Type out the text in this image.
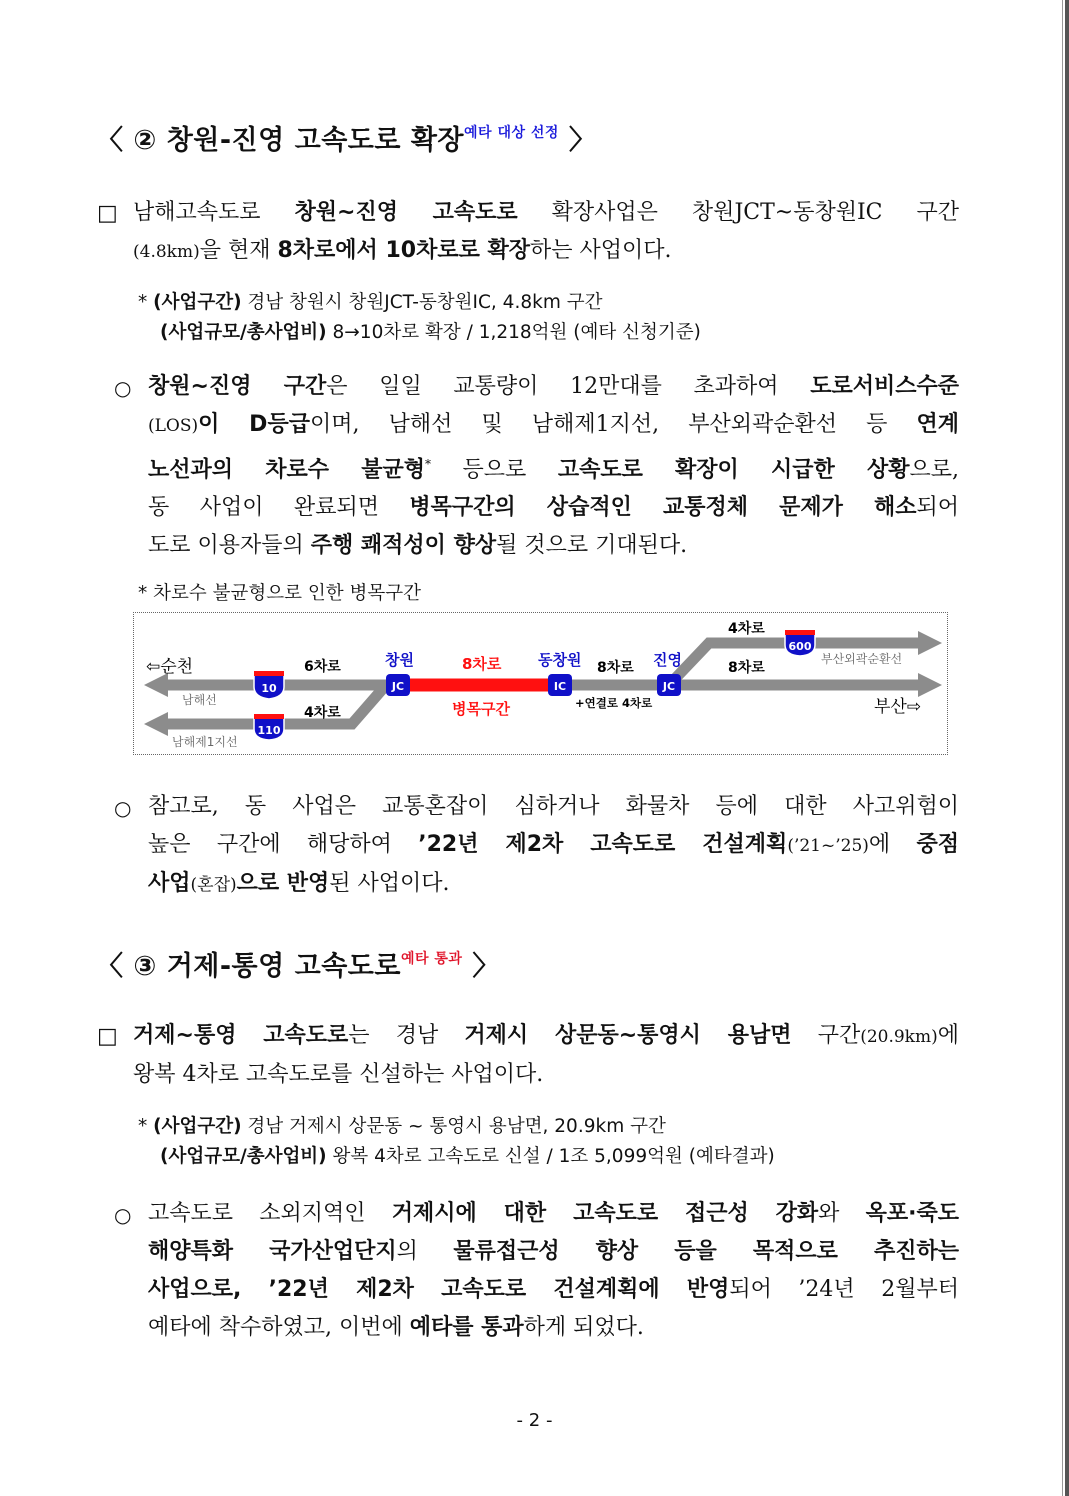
〈 ② 창원-진영 고속도로 확장$^{예타 대상 선정}$ 〉
□ 남해고속도로 창원~진영 고속도로 확장사업은 창원JCT~동창원IC 구간
(4.8km)을 현재 8차로에서 10차로로 확장하는 사업이다.
* (사업구간) 경남 창원시 창원JCT-동창원IC, 4.8km 구간
(사업규모/총사업비) 8→10차로 확장 / 1,218억원 (예타 신청기준)
○ 창원~진영 구간은 일일 교통량이 12만대를 초과하여 도로서비스수준
(LOS)이 D등급이며, 남해선 및 남해제1지선, 부산외곽순환선 등 연계
노선과의 차로수 불균형* 등으로 고속도로 확장이 시급한 상황으로,
동 사업이 완료되면 병목구간의 상습적인 교통정체 문제가 해소되어
도로 이용자들의 주행 쾌적성이 향상될 것으로 기대된다.
* 차로수 불균형으로 인한 병목구간
10
110
600
JC	IC	JC
⇦순천
남해선
남해제1지선
6차로
4차로
창원	8차로
병목구간
동창원 8차로 진영
+연결로 4차로
4차로
8차로
부산외곽순환선
부산⇨
○ 참고로, 동 사업은 교통혼잡이 심하거나 화물차 등에 대한 사고위험이
높은 구간에 해당하여 ’22년 제2차 고속도로 건설계획(’21~’25)에 중점
사업(혼잡)으로 반영된 사업이다.
〈 ③ 거제-통영 고속도로$^{예타 통과}$ 〉
□ 거제~통영 고속도로는 경남 거제시 상문동~통영시 용남면 구간(20.9km)에
왕복 4차로 고속도로를 신설하는 사업이다.
* (사업구간) 경남 거제시 상문동 ~ 통영시 용남면, 20.9km 구간
(사업규모/총사업비) 왕복 4차로 고속도로 신설 / 1조 5,099억원 (예타결과)
○ 고속도로 소외지역인 거제시에 대한 고속도로 접근성 강화와 옥포·죽도
해양특화 국가산업단지의 물류접근성 향상 등을 목적으로 추진하는
사업으로, ’22년 제2차 고속도로 건설계획에 반영되어 ’24년 2월부터
예타에 착수하였고, 이번에 예타를 통과하게 되었다.
- 2 -
